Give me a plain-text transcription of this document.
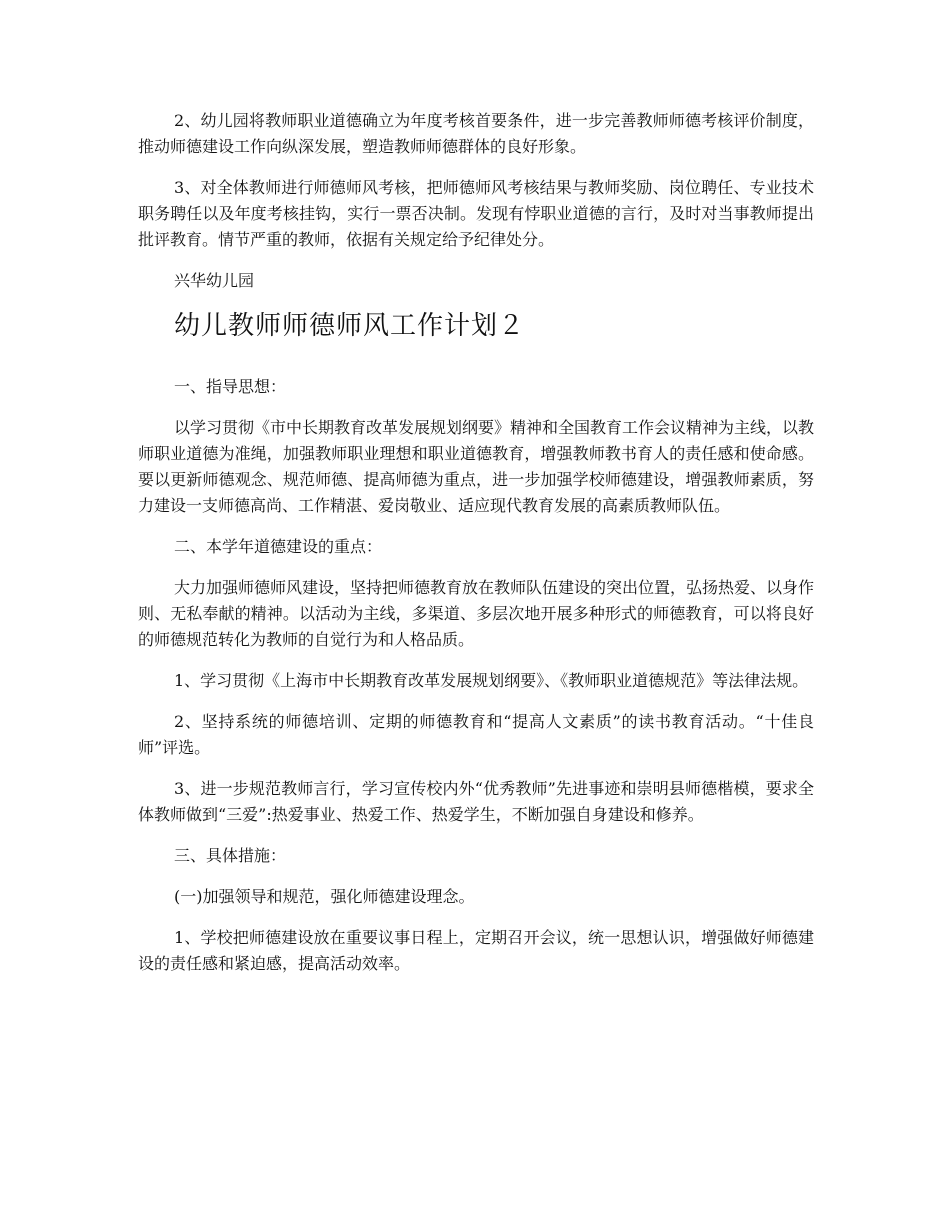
2、幼儿园将教师职业道德确立为年度考核首要条件，进一步完善教师师德考核评价制度，推动师德建设工作向纵深发展，塑造教师师德群体的良好形象。

3、对全体教师进行师德师风考核，把师德师风考核结果与教师奖励、岗位聘任、专业技术职务聘任以及年度考核挂钩，实行一票否决制。发现有悖职业道德的言行，及时对当事教师提出批评教育。情节严重的教师，依据有关规定给予纪律处分。

兴华幼儿园

幼儿教师师德师风工作计划２

一、指导思想：

以学习贯彻《市中长期教育改革发展规划纲要》精神和全国教育工作会议精神为主线，以教师职业道德为准绳，加强教师职业理想和职业道德教育，增强教师教书育人的责任感和使命感。要以更新师德观念、规范师德、提高师德为重点，进一步加强学校师德建设，增强教师素质，努力建设一支师德高尚、工作精湛、爱岗敬业、适应现代教育发展的高素质教师队伍。

二、本学年道德建设的重点：

大力加强师德师风建设，坚持把师德教育放在教师队伍建设的突出位置，弘扬热爱、以身作则、无私奉献的精神。以活动为主线，多渠道、多层次地开展多种形式的师德教育，可以将良好的师德规范转化为教师的自觉行为和人格品质。

1、学习贯彻《上海市中长期教育改革发展规划纲要》、《教师职业道德规范》等法律法规。

2、坚持系统的师德培训、定期的师德教育和“提高人文素质”的读书教育活动。“十佳良师”评选。

3、进一步规范教师言行，学习宣传校内外“优秀教师”先进事迹和崇明县师德楷模，要求全体教师做到“三爱”:热爱事业、热爱工作、热爱学生，不断加强自身建设和修养。

三、具体措施：

(一)加强领导和规范，强化师德建设理念。

1、学校把师德建设放在重要议事日程上，定期召开会议，统一思想认识，增强做好师德建设的责任感和紧迫感，提高活动效率。
